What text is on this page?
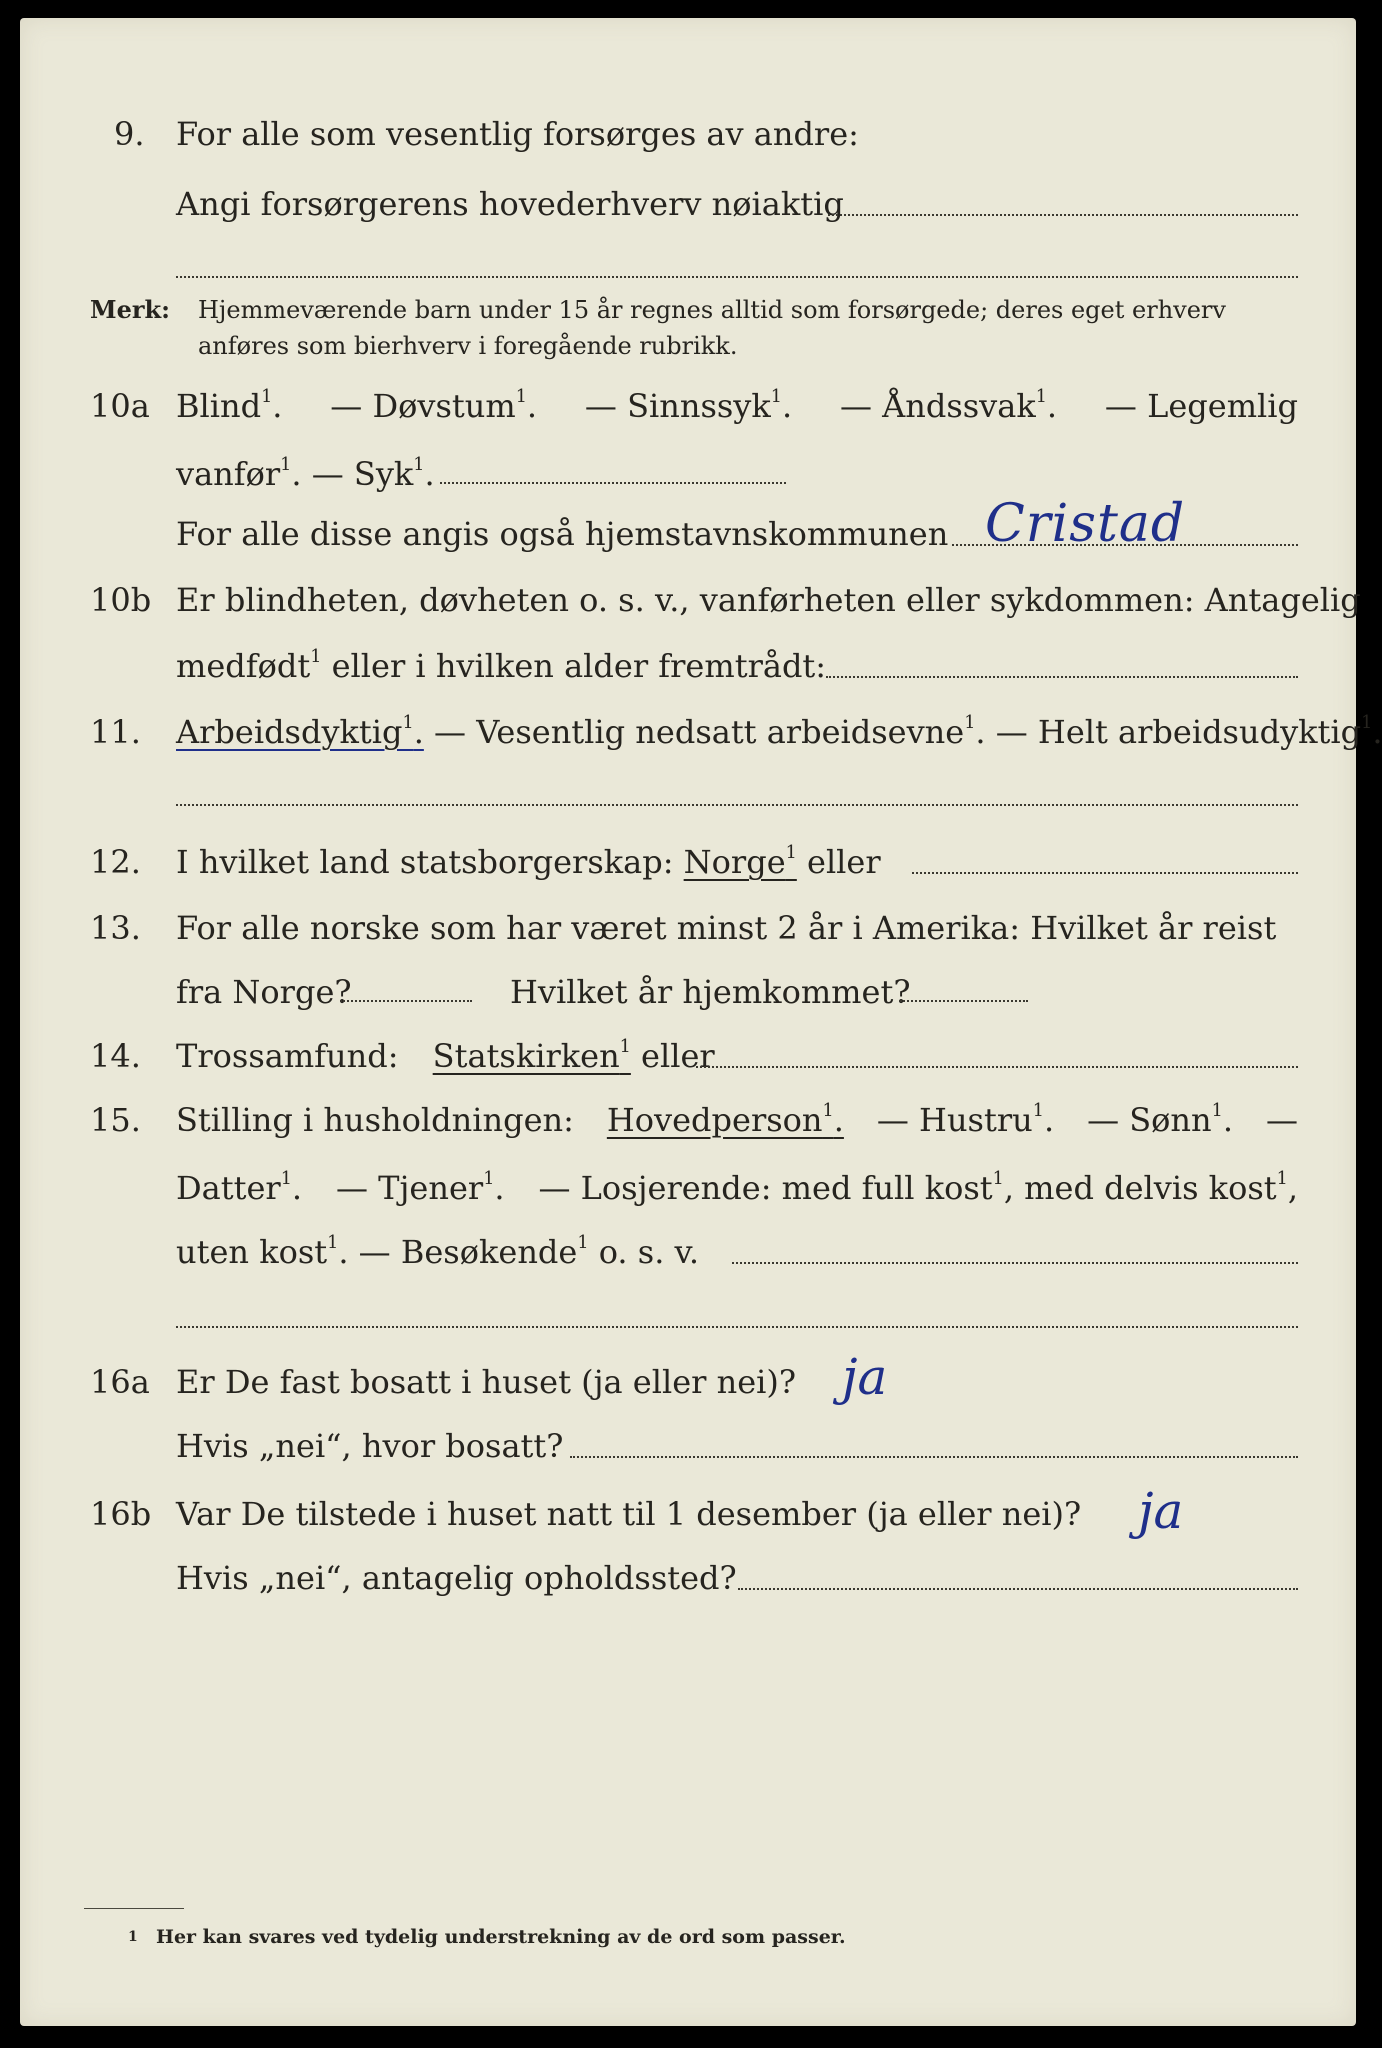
9. For alle som vesentlig forsørges av andre:
Angi forsørgerens hovederhverv nøiaktig
Merk: Hjemmeværende barn under 15 år regnes alltid som forsørgede; deres eget erhverv
anføres som bierhverv i foregående rubrikk.
10a Blind$^1$. — Døvstum$^1$. — Sinnssyk$^1$. — Åndssvak$^1$. — Legemlig
vanfør$^1$. — Syk$^1$.
For alle disse angis også hjemstavnskommunen Cristad
10b Er blindheten, døvheten o. s. v., vanførheten eller sykdommen: Antagelig
medfødt$^1$ eller i hvilken alder fremtrådt:
11. Arbeidsdyktig$^1$. — Vesentlig nedsatt arbeidsevne$^1$. — Helt arbeidsudyktig$^1$.
12. I hvilket land statsborgerskap: Norge$^1$ eller
13. For alle norske som har været minst 2 år i Amerika: Hvilket år reist
fra Norge?	Hvilket år hjemkommet?
14. Trossamfund: Statskirken$^1$ eller
15. Stilling i husholdningen: Hovedperson$^1$. — Hustru$^1$. — Sønn$^1$. —
Datter$^1$. — Tjener$^1$. — Losjerende: med full kost$^1$, med delvis kost$^1$,
uten kost$^1$. — Besøkende$^1$ o. s. v.
16a Er De fast bosatt i huset (ja eller nei)? ja
Hvis „nei“, hvor bosatt?
16b Var De tilstede i huset natt til 1 desember (ja eller nei)? ja
Hvis „nei“, antagelig opholdssted?
1 Her kan svares ved tydelig understrekning av de ord som passer.
